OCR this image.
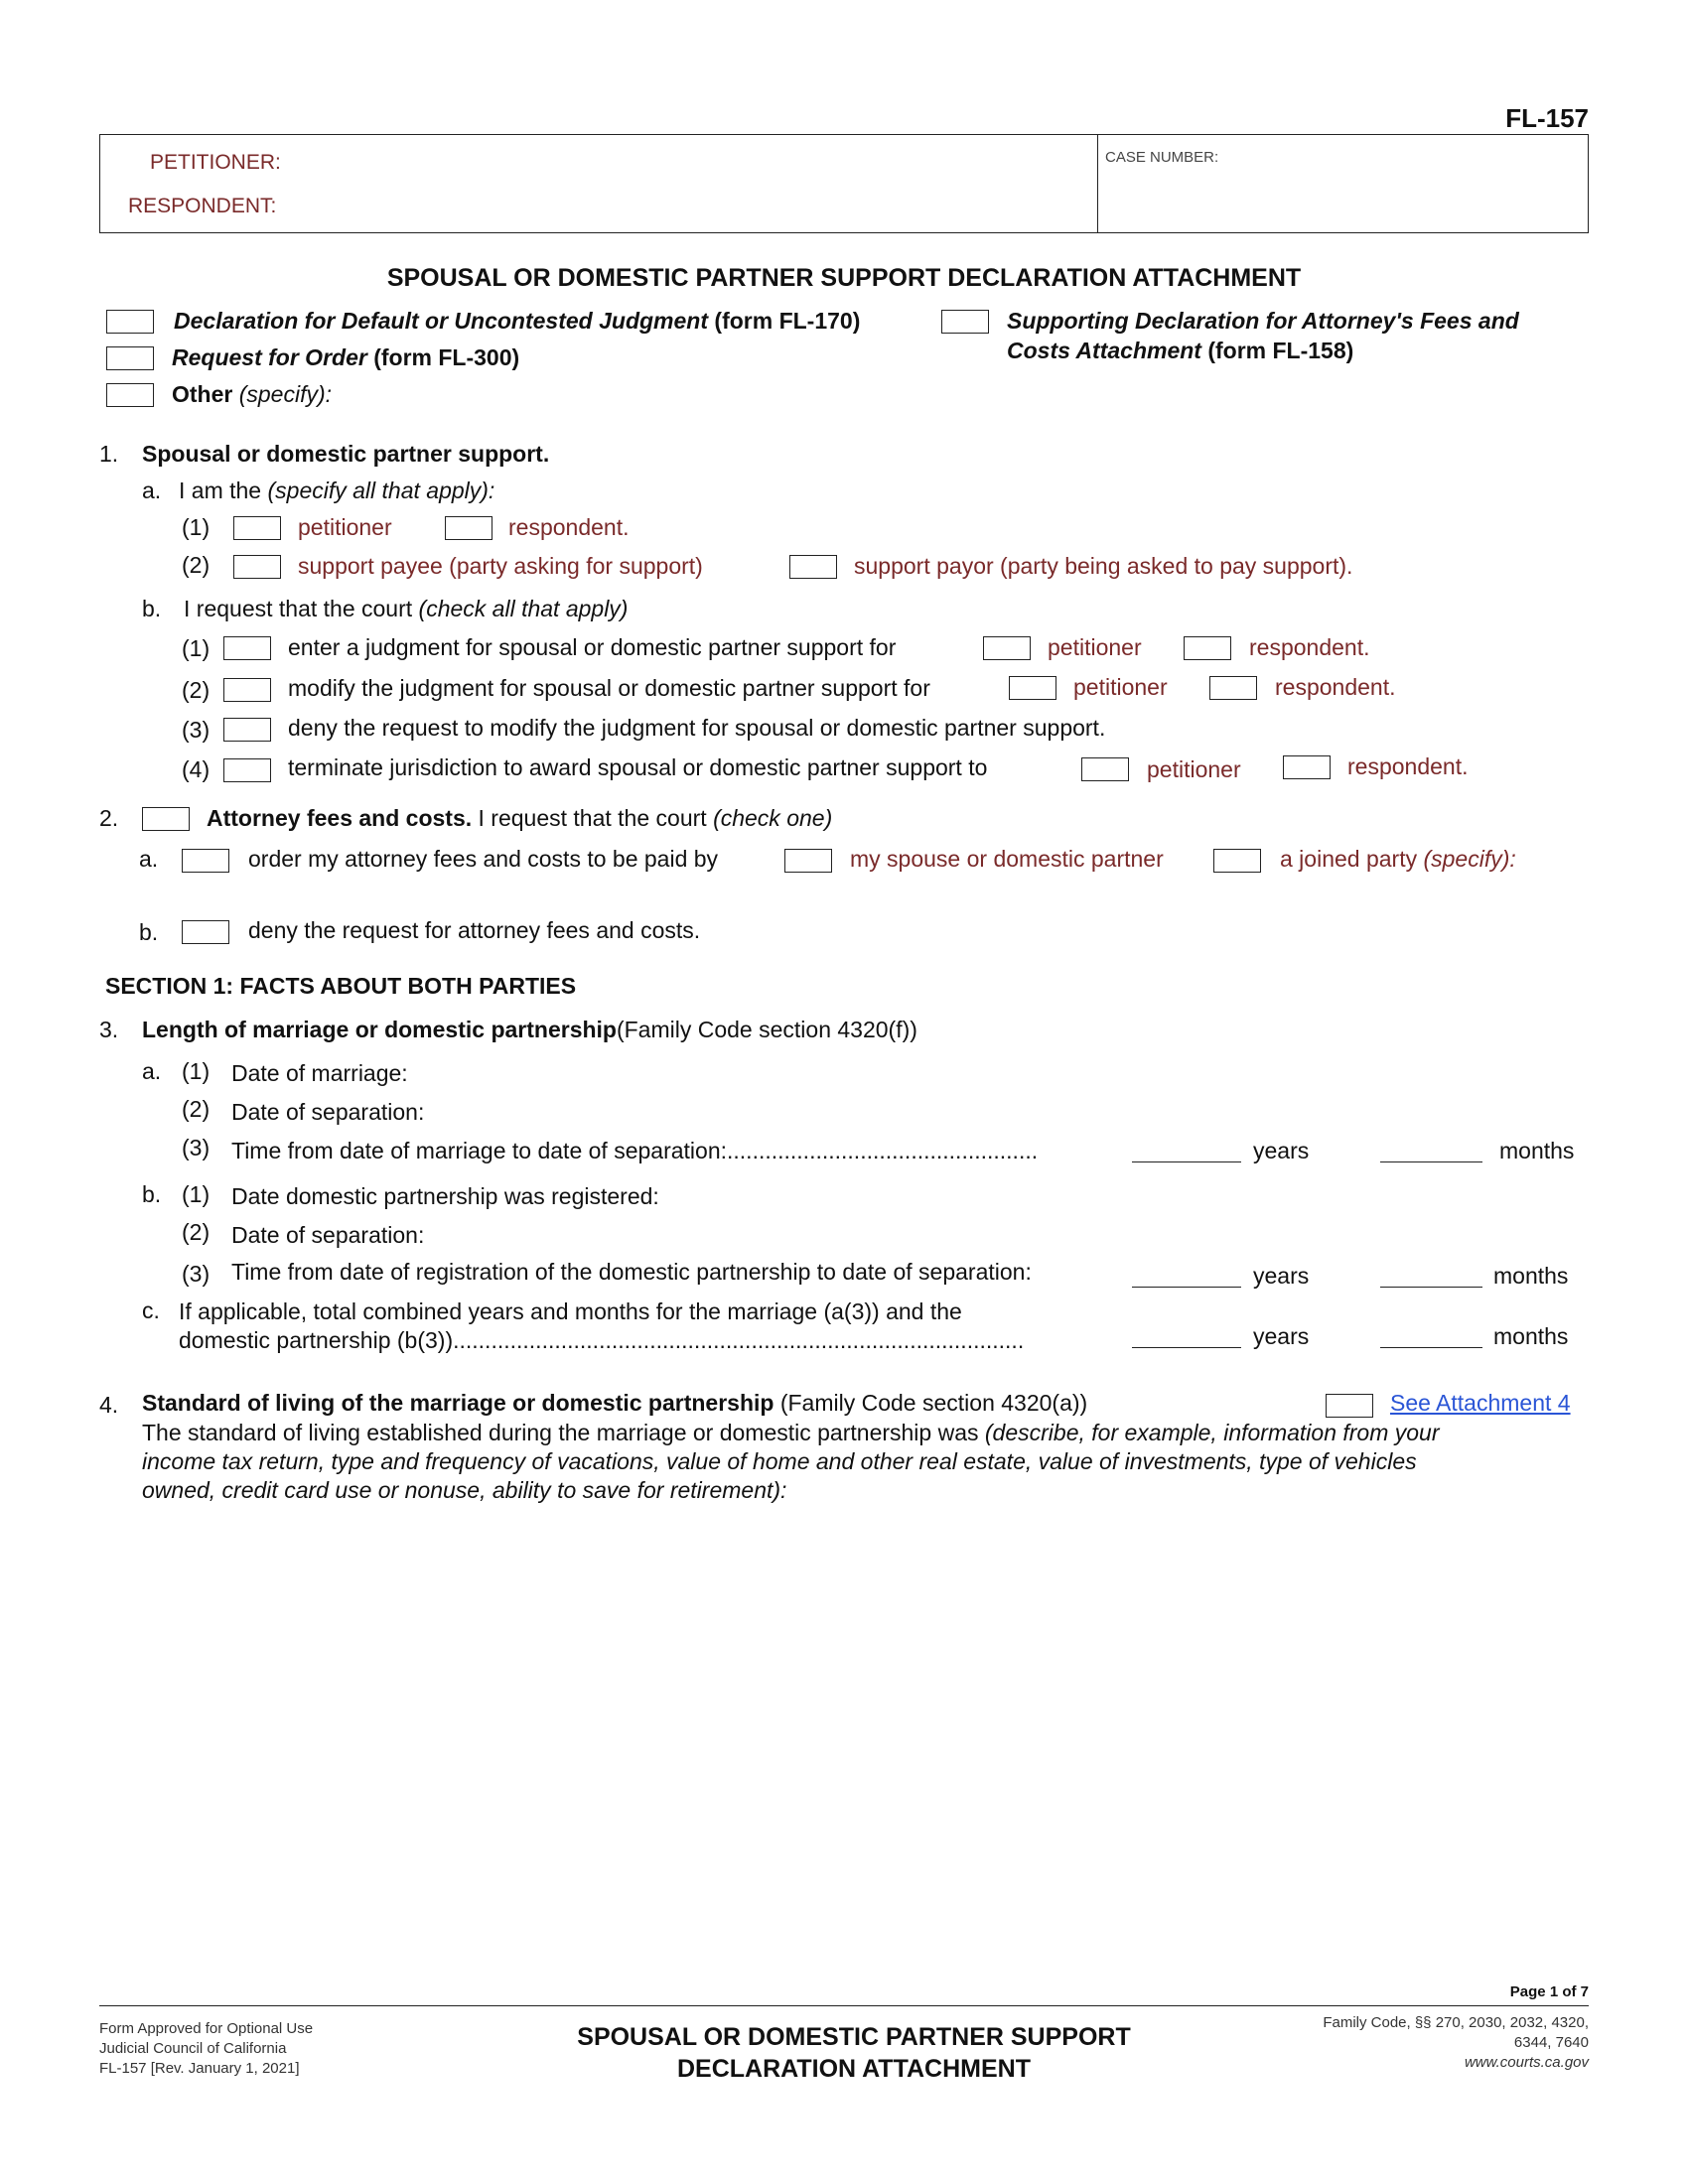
FL-157
PETITIONER:
RESPONDENT:
CASE NUMBER:
SPOUSAL OR DOMESTIC PARTNER SUPPORT DECLARATION ATTACHMENT
Declaration for Default or Uncontested Judgment (form FL-170)
Request for Order (form FL-300)
Other (specify):
Supporting Declaration for Attorney's Fees and
Costs Attachment (form FL-158)
1. Spousal or domestic partner support.
a. I am the (specify all that apply):
(1)	petitioner	respondent.
(2)	support payee (party asking for support)	support payor (party being asked to pay support).
b. I request that the court (check all that apply)
(1)	enter a judgment for spousal or domestic partner support for	petitioner	respondent.
(2)	modify the judgment for spousal or domestic partner support for	petitioner	respondent.
(3)	deny the request to modify the judgment for spousal or domestic partner support.
(4)	terminate jurisdiction to award spousal or domestic partner support to	petitioner	respondent.
2.	Attorney fees and costs. I request that the court (check one)
a.	order my attorney fees and costs to be paid by	my spouse or domestic partner	a joined party (specify):
b.	deny the request for attorney fees and costs.
SECTION 1: FACTS ABOUT BOTH PARTIES
3. Length of marriage or domestic partnership(Family Code section 4320(f))
a. (1) Date of marriage:
(2) Date of separation:
(3) Time from date of marriage to date of separation:.................................................	years	months
b. (1) Date domestic partnership was registered:
(2) Date of separation:
(3) Time from date of registration of the domestic partnership to date of separation:	years	months
c. If applicable, total combined years and months for the marriage (a(3)) and the
domestic partnership (b(3))..........................................................................................	years	months
4. Standard of living of the marriage or domestic partnership (Family Code section 4320(a))	See Attachment 4
The standard of living established during the marriage or domestic partnership was (describe, for example, information from your
income tax return, type and frequency of vacations, value of home and other real estate, value of investments, type of vehicles
owned, credit card use or nonuse, ability to save for retirement):
Page 1 of 7
Form Approved for Optional Use
Judicial Council of California
FL-157 [Rev. January 1, 2021]
SPOUSAL OR DOMESTIC PARTNER SUPPORT
DECLARATION ATTACHMENT
Family Code, §§ 270, 2030, 2032, 4320,
6344, 7640
www.courts.ca.gov
